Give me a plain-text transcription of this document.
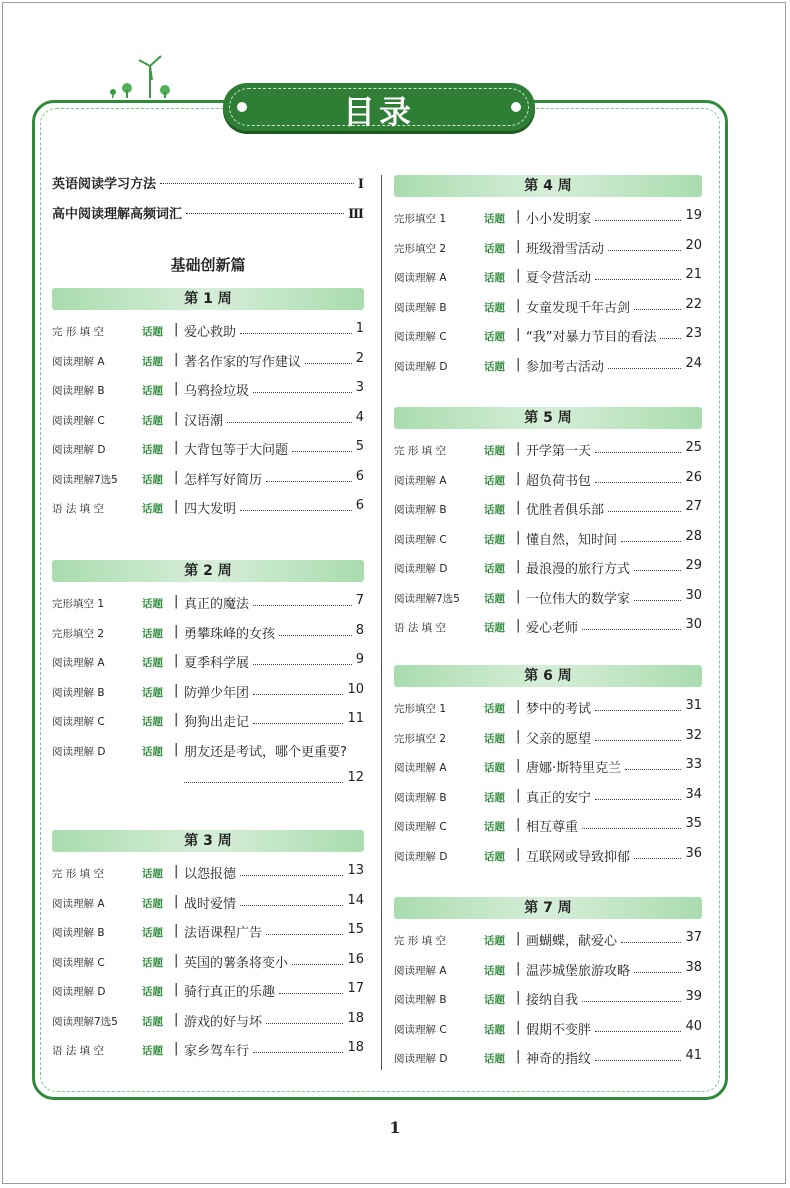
目录
英语阅读学习方法	Ⅰ
高中阅读理解高频词汇	Ⅲ
基础创新篇
第 1 周
完 形 填 空	话题 | 爱心救助	1
阅读理解 A	话题 | 著名作家的写作建议	2
阅读理解 B	话题 | 乌鸦捡垃圾	3
阅读理解 C	话题 | 汉语潮	4
阅读理解 D	话题 | 大背包等于大问题	5
阅读理解7选5 话题 | 怎样写好简历	6
语 法 填 空	话题 | 四大发明	6
第 2 周
完形填空 1	话题 | 真正的魔法	7
完形填空 2	话题 | 勇攀珠峰的女孩	8
阅读理解 A	话题 | 夏季科学展	9
阅读理解 B	话题 | 防弹少年团	10
阅读理解 C	话题 | 狗狗出走记	11
阅读理解 D	话题 | 朋友还是考试，哪个更重要?
12
第 3 周
完 形 填 空	话题 | 以怨报德	13
阅读理解 A	话题 | 战时爱情	14
阅读理解 B	话题 | 法语课程广告	15
阅读理解 C	话题 | 英国的薯条将变小	16
阅读理解 D	话题 | 骑行真正的乐趣	17
阅读理解7选5 话题 | 游戏的好与坏	18
语 法 填 空	话题 | 家乡驾车行	18
第 4 周
完形填空 1	话题 | 小小发明家	19
完形填空 2	话题 | 班级滑雪活动	20
阅读理解 A	话题 | 夏令营活动	21
阅读理解 B	话题 | 女童发现千年古剑	22
阅读理解 C	话题 | “我”对暴力节目的看法 23
阅读理解 D	话题 | 参加考古活动	24
第 5 周
完 形 填 空	话题 | 开学第一天	25
阅读理解 A	话题 | 超负荷书包	26
阅读理解 B	话题 | 优胜者俱乐部	27
阅读理解 C	话题 | 懂自然，知时间	28
阅读理解 D	话题 | 最浪漫的旅行方式	29
阅读理解7选5 话题 | 一位伟大的数学家	30
语 法 填 空	话题 | 爱心老师	30
第 6 周
完形填空 1	话题 | 梦中的考试	31
完形填空 2	话题 | 父亲的愿望	32
阅读理解 A	话题 | 唐娜·斯特里克兰	33
阅读理解 B	话题 | 真正的安宁	34
阅读理解 C	话题 | 相互尊重	35
阅读理解 D	话题 | 互联网或导致抑郁	36
第 7 周
完 形 填 空	话题 | 画蝴蝶，献爱心	37
阅读理解 A	话题 | 温莎城堡旅游攻略	38
阅读理解 B	话题 | 接纳自我	39
阅读理解 C	话题 | 假期不变胖	40
阅读理解 D	话题 | 神奇的指纹	41
1
